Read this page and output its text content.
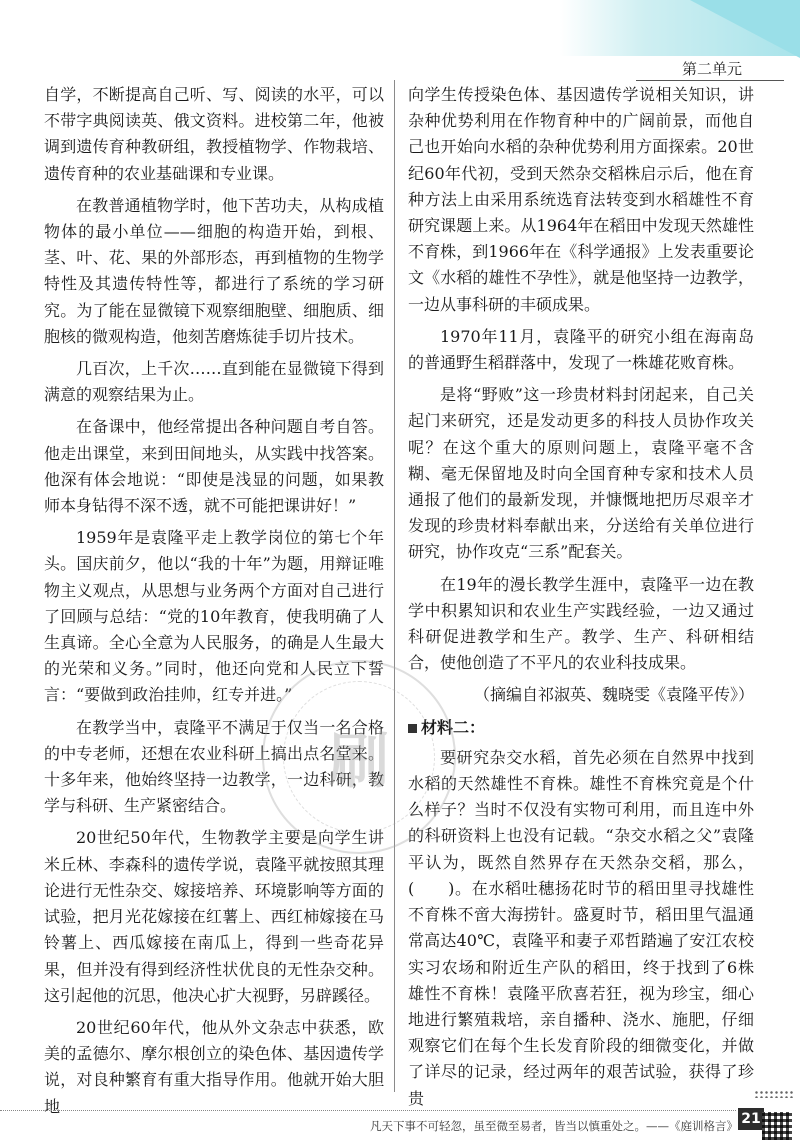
第二单元

自学，不断提高自己听、写、阅读的水平，可以不带字典阅读英、俄文资料。进校第二年，他被调到遗传育种教研组，教授植物学、作物栽培、遗传育种的农业基础课和专业课。

在教普通植物学时，他下苦功夫，从构成植物体的最小单位——细胞的构造开始，到根、茎、叶、花、果的外部形态，再到植物的生物学特性及其遗传特性等，都进行了系统的学习研究。为了能在显微镜下观察细胞壁、细胞质、细胞核的微观构造，他刻苦磨炼徒手切片技术。

几百次，上千次……直到能在显微镜下得到满意的观察结果为止。

在备课中，他经常提出各种问题自考自答。他走出课堂，来到田间地头，从实践中找答案。他深有体会地说：“即使是浅显的问题，如果教师本身钻得不深不透，就不可能把课讲好！”

1959年是袁隆平走上教学岗位的第七个年头。国庆前夕，他以“我的十年”为题，用辩证唯物主义观点，从思想与业务两个方面对自己进行了回顾与总结：“党的10年教育，使我明确了人生真谛。全心全意为人民服务，的确是人生最大的光荣和义务。”同时，他还向党和人民立下誓言：“要做到政治挂帅，红专并进。”

在教学当中，袁隆平不满足于仅当一名合格的中专老师，还想在农业科研上搞出点名堂来。十多年来，他始终坚持一边教学，一边科研，教学与科研、生产紧密结合。

20世纪50年代，生物教学主要是向学生讲米丘林、李森科的遗传学说，袁隆平就按照其理论进行无性杂交、嫁接培养、环境影响等方面的试验，把月光花嫁接在红薯上、西红柿嫁接在马铃薯上、西瓜嫁接在南瓜上，得到一些奇花异果，但并没有得到经济性状优良的无性杂交种。这引起他的沉思，他决心扩大视野，另辟蹊径。

20世纪60年代，他从外文杂志中获悉，欧美的孟德尔、摩尔根创立的染色体、基因遗传学说，对良种繁育有重大指导作用。他就开始大胆地

向学生传授染色体、基因遗传学说相关知识，讲杂种优势利用在作物育种中的广阔前景，而他自己也开始向水稻的杂种优势利用方面探索。20世纪60年代初，受到天然杂交稻株启示后，他在育种方法上由采用系统选育法转变到水稻雄性不育研究课题上来。从1964年在稻田中发现天然雄性不育株，到1966年在《科学通报》上发表重要论文《水稻的雄性不孕性》，就是他坚持一边教学，一边从事科研的丰硕成果。

1970年11月，袁隆平的研究小组在海南岛的普通野生稻群落中，发现了一株雄花败育株。

是将“野败”这一珍贵材料封闭起来，自己关起门来研究，还是发动更多的科技人员协作攻关呢？在这个重大的原则问题上，袁隆平毫不含糊、毫无保留地及时向全国育种专家和技术人员通报了他们的最新发现，并慷慨地把历尽艰辛才发现的珍贵材料奉献出来，分送给有关单位进行研究，协作攻克“三系”配套关。

在19年的漫长教学生涯中，袁隆平一边在教学中积累知识和农业生产实践经验，一边又通过科研促进教学和生产。教学、生产、科研相结合，使他创造了不平凡的农业科技成果。

（摘编自祁淑英、魏晓雯《袁隆平传》）

材料二：

要研究杂交水稻，首先必须在自然界中找到水稻的天然雄性不育株。雄性不育株究竟是个什么样子？当时不仅没有实物可利用，而且连中外的科研资料上也没有记载。“杂交水稻之父”袁隆平认为，既然自然界存在天然杂交稻，那么，(　　)。在水稻吐穗扬花时节的稻田里寻找雄性不育株不啻大海捞针。盛夏时节，稻田里气温通常高达40℃，袁隆平和妻子邓哲踏遍了安江农校实习农场和附近生产队的稻田，终于找到了6株雄性不育株！袁隆平欣喜若狂，视为珍宝，细心地进行繁殖栽培，亲自播种、浇水、施肥，仔细观察它们在每个生长发育阶段的细微变化，并做了详尽的记录，经过两年的艰苦试验，获得了珍贵

刷
凡天下事不可轻忽，虽至微至易者，皆当以慎重处之。——《庭训格言》 21
